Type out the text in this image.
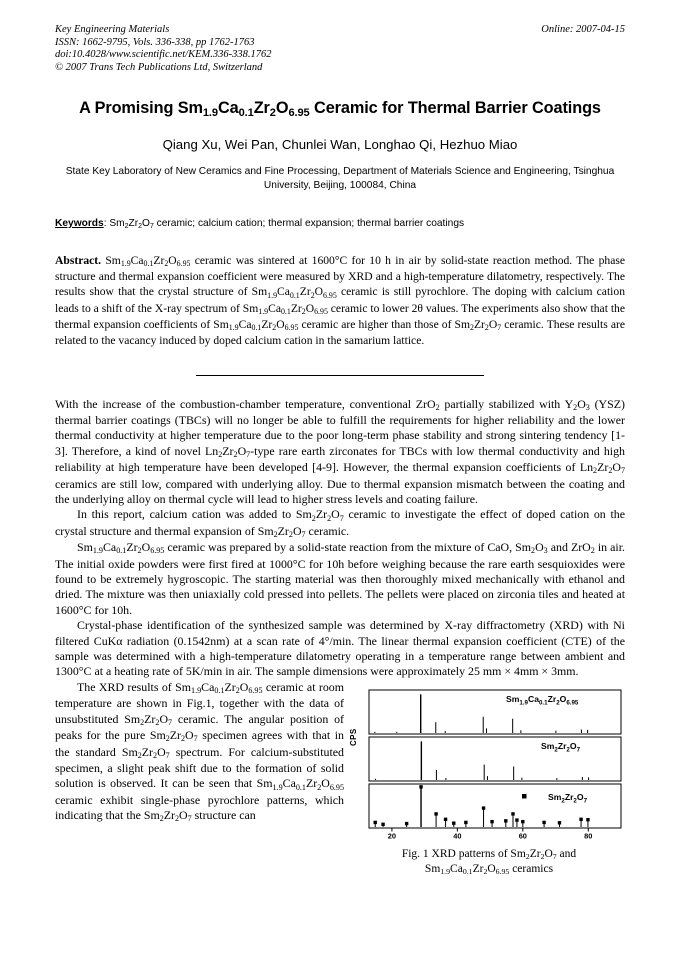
Online: 2007-04-15
Key Engineering Materials
ISSN: 1662-9795, Vols. 336-338, pp 1762-1763
doi:10.4028/www.scientific.net/KEM.336-338.1762
© 2007 Trans Tech Publications Ltd, Switzerland
A Promising $Sm_{1.9}Ca_{0.1}Zr_2O_{6.95}$ Ceramic for Thermal Barrier Coatings
Qiang Xu, Wei Pan, Chunlei Wan, Longhao Qi, Hezhuo Miao
State Key Laboratory of New Ceramics and Fine Processing, Department of Materials Science and Engineering, Tsinghua University, Beijing, 100084, China
Keywords: $Sm_2Zr_2O_7$ ceramic; calcium cation; thermal expansion; thermal barrier coatings
Abstract. $Sm_{1.9}Ca_{0.1}Zr_2O_{6.95}$ ceramic was sintered at 1600°C for 10 h in air by solid-state reaction method. The phase structure and thermal expansion coefficient were measured by XRD and a high-temperature dilatometry, respectively. The results show that the crystal structure of $Sm_{1.9}Ca_{0.1}Zr_2O_{6.95}$ ceramic is still pyrochlore. The doping with calcium cation leads to a shift of the X-ray spectrum of $Sm_{1.9}Ca_{0.1}Zr_2O_{6.95}$ ceramic to lower 2θ values. The experiments also show that the thermal expansion coefficients of $Sm_{1.9}Ca_{0.1}Zr_2O_{6.95}$ ceramic are higher than those of $Sm_2Zr_2O_7$ ceramic. These results are related to the vacancy induced by doped calcium cation in the samarium lattice.

With the increase of the combustion-chamber temperature, conventional ZrO$_2$ partially stabilized with $Y_2O_3$ (YSZ) thermal barrier coatings (TBCs) will no longer be able to fulfill the requirements for higher reliability and the lower thermal conductivity at higher temperature due to the poor long-term phase stability and strong sintering tendency [1-3]. Therefore, a kind of novel $Ln_2Zr_2O_7$-type rare earth zirconates for TBCs with low thermal conductivity and high reliability at high temperature have been developed [4-9]. However, the thermal expansion coefficients of $Ln_2Zr_2O_7$ ceramics are still low, compared with underlying alloy. Due to thermal expansion mismatch between the coating and the underlying alloy on thermal cycle will lead to higher stress levels and coating failure.

In this report, calcium cation was added to $Sm_2Zr_2O_7$ ceramic to investigate the effect of doped cation on the crystal structure and thermal expansion of $Sm_2Zr_2O_7$ ceramic.

$Sm_{1.9}Ca_{0.1}Zr_2O_{6.95}$ ceramic was prepared by a solid-state reaction from the mixture of CaO, $Sm_2O_3$ and ZrO$_2$ in air. The initial oxide powders were first fired at 1000°C for 10h before weighing because the rare earth sesquioxides were found to be extremely hygroscopic. The starting material was then thoroughly mixed mechanically with ethanol and dried. The mixture was then uniaxially cold pressed into pellets. The pellets were placed on zirconia tiles and heated at 1600°C for 10h.

Crystal-phase identification of the synthesized sample was determined by X-ray diffractometry (XRD) with Ni filtered CuKα radiation (0.1542nm) at a scan rate of 4°/min. The linear thermal expansion coefficient (CTE) of the sample was determined with a high-temperature dilatometry operating in a temperature range between ambient and 1300°C at a heating rate of 5K/min in air. The sample dimensions were approximately 25 mm × 4mm × 3mm.

The XRD results of $Sm_{1.9}Ca_{0.1}Zr_2O_{6.95}$ ceramic at room temperature are shown in Fig.1, together with the data of unsubstituted $Sm_2Zr_2O_7$ ceramic. The angular position of peaks for the pure $Sm_2Zr_2O_7$ specimen agrees with that in the standard $Sm_2Zr_2O_7$ spectrum. For calcium-substituted specimen, a slight peak shift due to the formation of solid solution is observed. It can be seen that $Sm_{1.9}Ca_{0.1}Zr_2O_{6.95}$ ceramic exhibit single-phase pyrochlore patterns, which indicating that the $Sm_2Zr_2O_7$ structure can

CPS
$Sm_{1.9}Ca_{0.1}Zr_2O_{6.95}$
$Sm_2Zr_2O_7$
$Sm_2Zr_2O_7$
20	40	60	80
Fig. 1 XRD patterns of $Sm_2Zr_2O_7$ and
$Sm_{1.9}Ca_{0.1}Zr_2O_{6.95}$ ceramics
